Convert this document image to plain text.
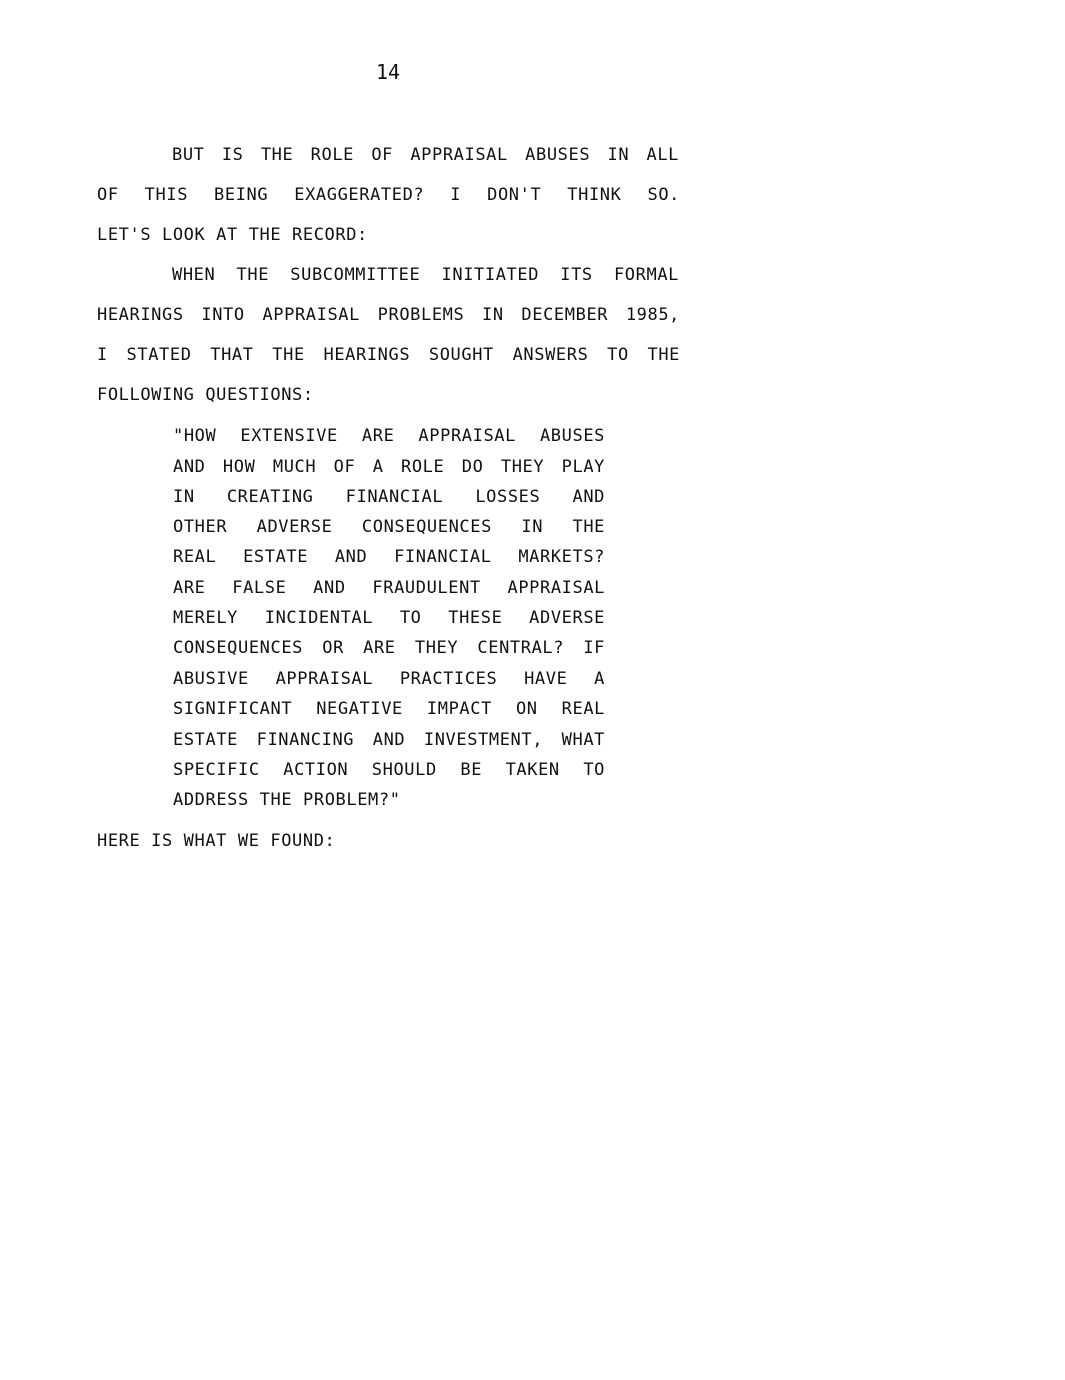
14
BUT IS THE ROLE OF APPRAISAL ABUSES IN ALL
OF THIS BEING EXAGGERATED? I DON'T THINK SO.
LET'S LOOK AT THE RECORD:
WHEN THE SUBCOMMITTEE INITIATED ITS FORMAL
HEARINGS INTO APPRAISAL PROBLEMS IN DECEMBER 1985,
I STATED THAT THE HEARINGS SOUGHT ANSWERS TO THE
FOLLOWING QUESTIONS:
"HOW EXTENSIVE ARE APPRAISAL ABUSES
AND HOW MUCH OF A ROLE DO THEY PLAY
IN CREATING FINANCIAL LOSSES AND
OTHER ADVERSE CONSEQUENCES IN THE
REAL ESTATE AND FINANCIAL MARKETS?
ARE FALSE AND FRAUDULENT APPRAISAL
MERELY INCIDENTAL TO THESE ADVERSE
CONSEQUENCES OR ARE THEY CENTRAL? IF
ABUSIVE APPRAISAL PRACTICES HAVE A
SIGNIFICANT NEGATIVE IMPACT ON REAL
ESTATE FINANCING AND INVESTMENT, WHAT
SPECIFIC ACTION SHOULD BE TAKEN TO
ADDRESS THE PROBLEM?"
HERE IS WHAT WE FOUND:
